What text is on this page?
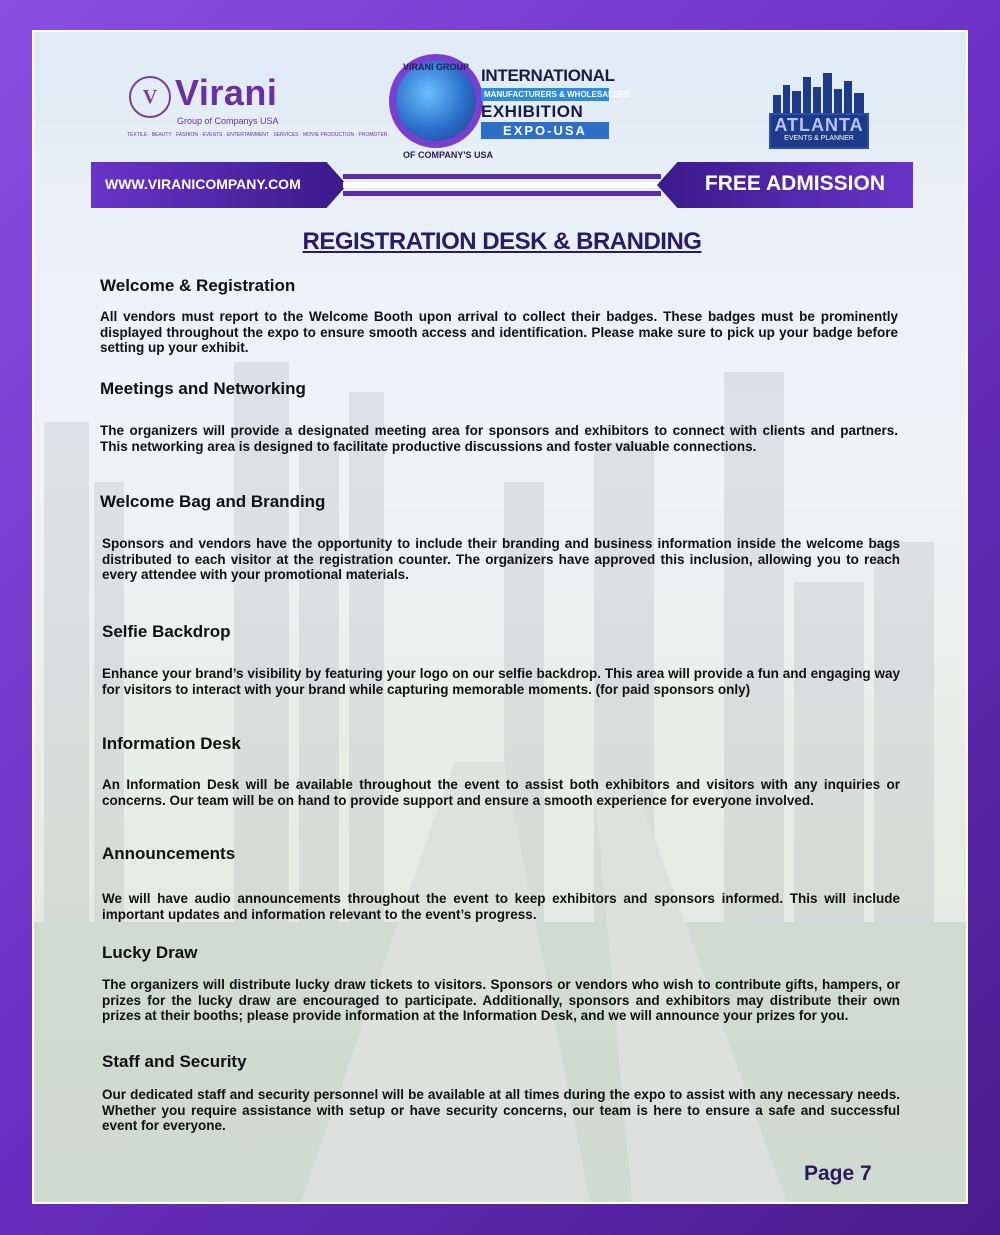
V Virani
Group of Companys USA
TEXTILE · BEAUTY · FASHION · EVENTS · ENTERTAINMENT · SERVICES · MOVIE PRODUCTION · PROMOTER
VIRANI GROUP
OF COMPANY'S USA
INTERNATIONAL
MANUFACTURERS & WHOLESALERS
EXHIBITION
EXPO-USA	ATLANTA
EVENTS & PLANNER
WWW.VIRANICOMPANY.COM	FREE ADMISSION
REGISTRATION DESK & BRANDING
Welcome & Registration
All vendors must report to the Welcome Booth upon arrival to collect their badges. These badges must be prominently displayed throughout the expo to ensure smooth access and identification. Please make sure to pick up your badge before setting up your exhibit.
Meetings and Networking
The organizers will provide a designated meeting area for sponsors and exhibitors to connect with clients and partners. This networking area is designed to facilitate productive discussions and foster valuable connections.
Welcome Bag and Branding
Sponsors and vendors have the opportunity to include their branding and business information inside the welcome bags distributed to each visitor at the registration counter. The organizers have approved this inclusion, allowing you to reach every attendee with your promotional materials.
Selfie Backdrop
Enhance your brand’s visibility by featuring your logo on our selfie backdrop. This area will provide a fun and engaging way for visitors to interact with your brand while capturing memorable moments. (for paid sponsors only)
Information Desk
An Information Desk will be available throughout the event to assist both exhibitors and visitors with any inquiries or concerns. Our team will be on hand to provide support and ensure a smooth experience for everyone involved.
Announcements
We will have audio announcements throughout the event to keep exhibitors and sponsors informed. This will include important updates and information relevant to the event’s progress.
Lucky Draw
The organizers will distribute lucky draw tickets to visitors. Sponsors or vendors who wish to contribute gifts, hampers, or prizes for the lucky draw are encouraged to participate. Additionally, sponsors and exhibitors may distribute their own prizes at their booths; please provide information at the Information Desk, and we will announce your prizes for you.
Staff and Security
Our dedicated staff and security personnel will be available at all times during the expo to assist with any necessary needs. Whether you require assistance with setup or have security concerns, our team is here to ensure a safe and successful event for everyone.
Page 7
